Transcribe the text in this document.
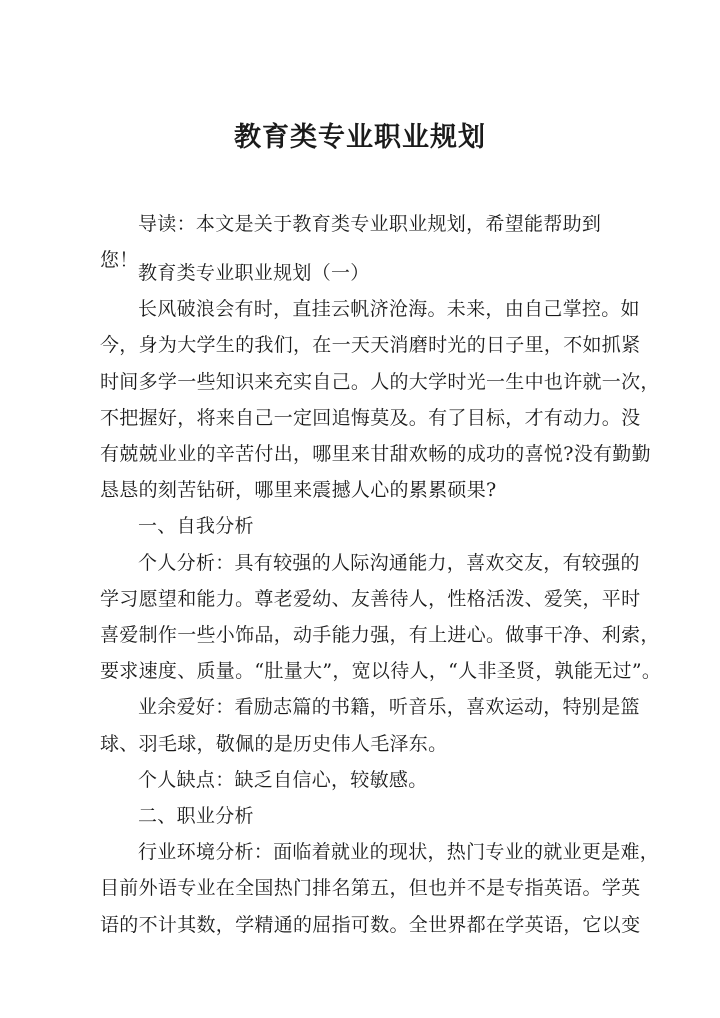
教育类专业职业规划

导读：本文是关于教育类专业职业规划，希望能帮助到您！

教育类专业职业规划（一）

长风破浪会有时，直挂云帆济沧海。未来，由自己掌控。如
今，身为大学生的我们，在一天天消磨时光的日子里，不如抓紧
时间多学一些知识来充实自己。人的大学时光一生中也许就一次，
不把握好，将来自己一定回追悔莫及。有了目标，才有动力。没
有兢兢业业的辛苦付出，哪里来甘甜欢畅的成功的喜悦?没有勤勤
恳恳的刻苦钻研，哪里来震撼人心的累累硕果?

一、自我分析

个人分析：具有较强的人际沟通能力，喜欢交友，有较强的
学习愿望和能力。尊老爱幼、友善待人，性格活泼、爱笑，平时
喜爱制作一些小饰品，动手能力强，有上进心。做事干净、利索，
要求速度、质量。“肚量大”，宽以待人，“人非圣贤，孰能无过”。

业余爱好：看励志篇的书籍，听音乐，喜欢运动，特别是篮
球、羽毛球，敬佩的是历史伟人毛泽东。

个人缺点：缺乏自信心，较敏感。

二、职业分析

行业环境分析：面临着就业的现状，热门专业的就业更是难，
目前外语专业在全国热门排名第五，但也并不是专指英语。学英
语的不计其数，学精通的屈指可数。全世界都在学英语，它以变
